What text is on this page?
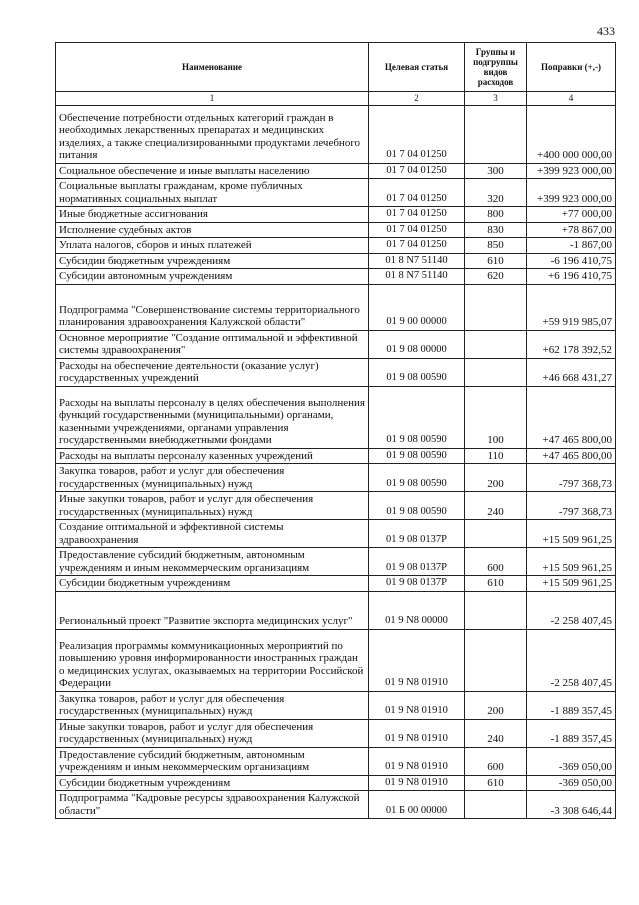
433
Наименование	Целевая статья	Группы и подгруппы видов расходов	Поправки (+,-)
1	2	3	4
Обеспечение потребности отдельных категорий граждан в необходимых лекарственных препаратах и медицинских изделиях, а также специализированными продуктами лечебного питания	01 7 04 01250		+400 000 000,00
Социальное обеспечение и иные выплаты населению	01 7 04 01250	300	+399 923 000,00
Социальные выплаты гражданам, кроме публичных нормативных социальных выплат	01 7 04 01250	320	+399 923 000,00
Иные бюджетные ассигнования	01 7 04 01250	800	+77 000,00
Исполнение судебных актов	01 7 04 01250	830	+78 867,00
Уплата налогов, сборов и иных платежей	01 7 04 01250	850	-1 867,00
Субсидии бюджетным учреждениям	01 8 N7 51140	610	-6 196 410,75
Субсидии автономным учреждениям	01 8 N7 51140	620	+6 196 410,75
Подпрограмма "Совершенствование системы территориального планирования здравоохранения Калужской области"	01 9 00 00000		+59 919 985,07
Основное мероприятие "Создание оптимальной и эффективной системы здравоохранения"	01 9 08 00000		+62 178 392,52
Расходы на обеспечение деятельности (оказание услуг) государственных учреждений	01 9 08 00590		+46 668 431,27
Расходы на выплаты персоналу в целях обеспечения выполнения функций государственными (муниципальными) органами, казенными учреждениями, органами управления государственными внебюджетными фондами	01 9 08 00590	100	+47 465 800,00
Расходы на выплаты персоналу казенных учреждений	01 9 08 00590	110	+47 465 800,00
Закупка товаров, работ и услуг для обеспечения государственных (муниципальных) нужд	01 9 08 00590	200	-797 368,73
Иные закупки товаров, работ и услуг для обеспечения государственных (муниципальных) нужд	01 9 08 00590	240	-797 368,73
Создание оптимальной и эффективной системы здравоохранения	01 9 08 0137P		+15 509 961,25
Предоставление субсидий бюджетным, автономным учреждениям и иным некоммерческим организациям	01 9 08 0137P	600	+15 509 961,25
Субсидии бюджетным учреждениям	01 9 08 0137P	610	+15 509 961,25
Региональный проект "Развитие экспорта медицинских услуг"	01 9 N8 00000		-2 258 407,45
Реализация программы коммуникационных мероприятий по повышению уровня информированности иностранных граждан о медицинских услугах, оказываемых на территории Российской Федерации	01 9 N8 01910		-2 258 407,45
Закупка товаров, работ и услуг для обеспечения государственных (муниципальных) нужд	01 9 N8 01910	200	-1 889 357,45
Иные закупки товаров, работ и услуг для обеспечения государственных (муниципальных) нужд	01 9 N8 01910	240	-1 889 357,45
Предоставление субсидий бюджетным, автономным учреждениям и иным некоммерческим организациям	01 9 N8 01910	600	-369 050,00
Субсидии бюджетным учреждениям	01 9 N8 01910	610	-369 050,00
Подпрограмма "Кадровые ресурсы здравоохранения Калужской области"	01 Б 00 00000		-3 308 646,44
